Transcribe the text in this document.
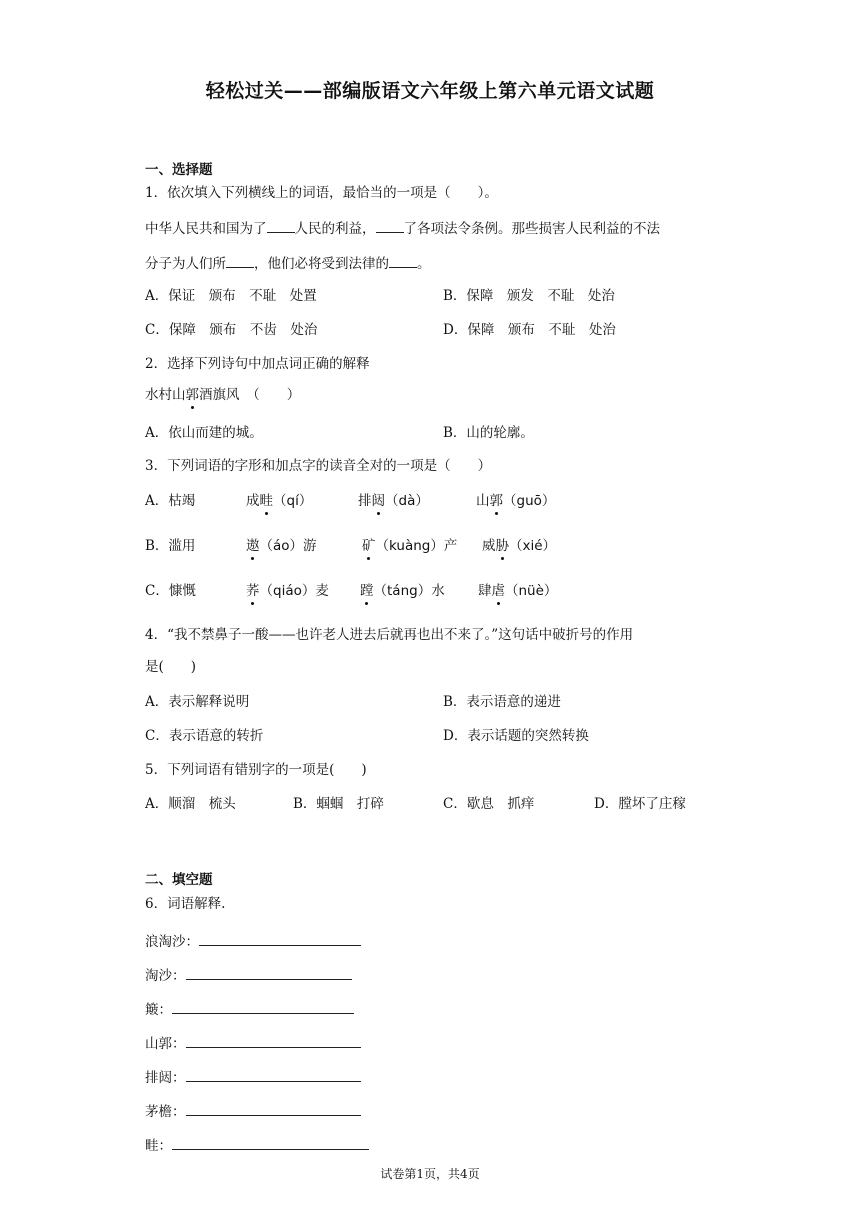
轻松过关——部编版语文六年级上第六单元语文试题
一、选择题
1．依次填入下列横线上的词语，最恰当的一项是（　　）。
中华人民共和国为了 人民的利益， 了各项法令条例。那些损害人民利益的不法
分子为人们所 ，他们必将受到法律的 。
A．保证　颁布　不耻　处置	B．保障　颁发　不耻　处治
C．保障　颁布　不齿　处治	D．保障　颁布　不耻　处治
2．选择下列诗句中加点词正确的解释
水村山郭酒旗风　（　　）
A．依山而建的城。	B．山的轮廓。
3．下列词语的字形和加点字的读音全对的一项是（　　）
A．枯竭	成畦（qí）	排闼（dà）	山郭（guō）
B．滥用	遨（áo）游	矿（kuàng）产 威胁（xié）
C．慷慨	荞（qiáo）麦 蹚（táng）水 肆虐（nüè）
4．“我不禁鼻子一酸——也许老人进去后就再也出不来了。”这句话中破折号的作用
是(　　)
A．表示解释说明	B．表示语意的递进
C．表示语意的转折	D．表示话题的突然转换
5．下列词语有错别字的一项是(　　)
A．顺溜　梳头	B．蝈蝈　打碎	C．歇息　抓痒	D．膛坏了庄稼
二、填空题
6．词语解释.
浪淘沙：
淘沙：
簸：
山郭：
排闼：
茅檐：
畦：
试卷第1页，共4页
